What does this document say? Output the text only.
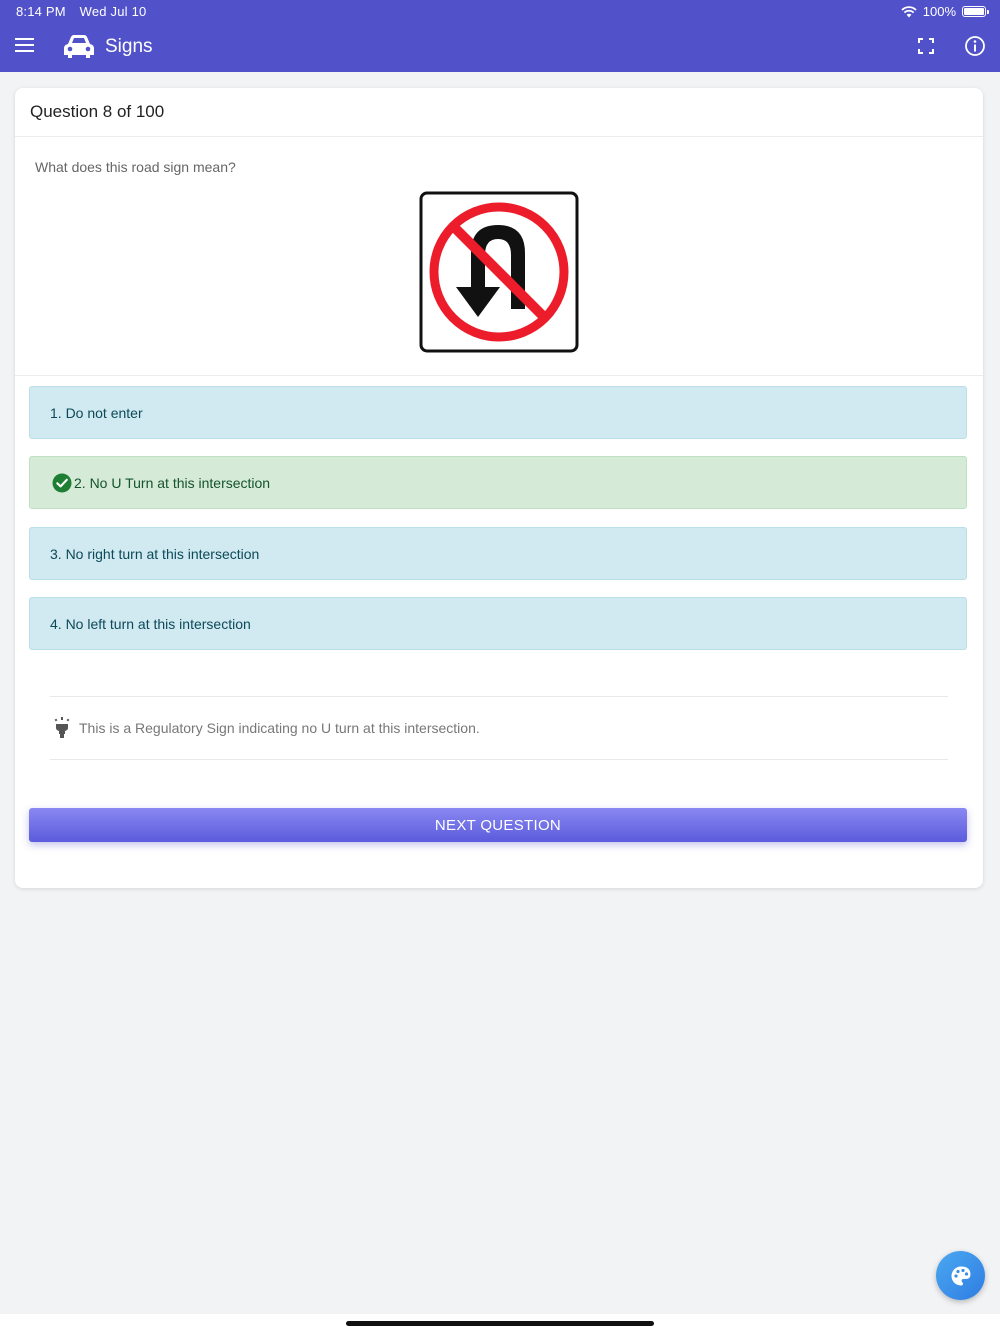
8:14 PM Wed Jul 10	100%
Signs
Question 8 of 100
What does this road sign mean?
1. Do not enter
2. No U Turn at this intersection
3. No right turn at this intersection
4. No left turn at this intersection
This is a Regulatory Sign indicating no U turn at this intersection.
NEXT QUESTION
